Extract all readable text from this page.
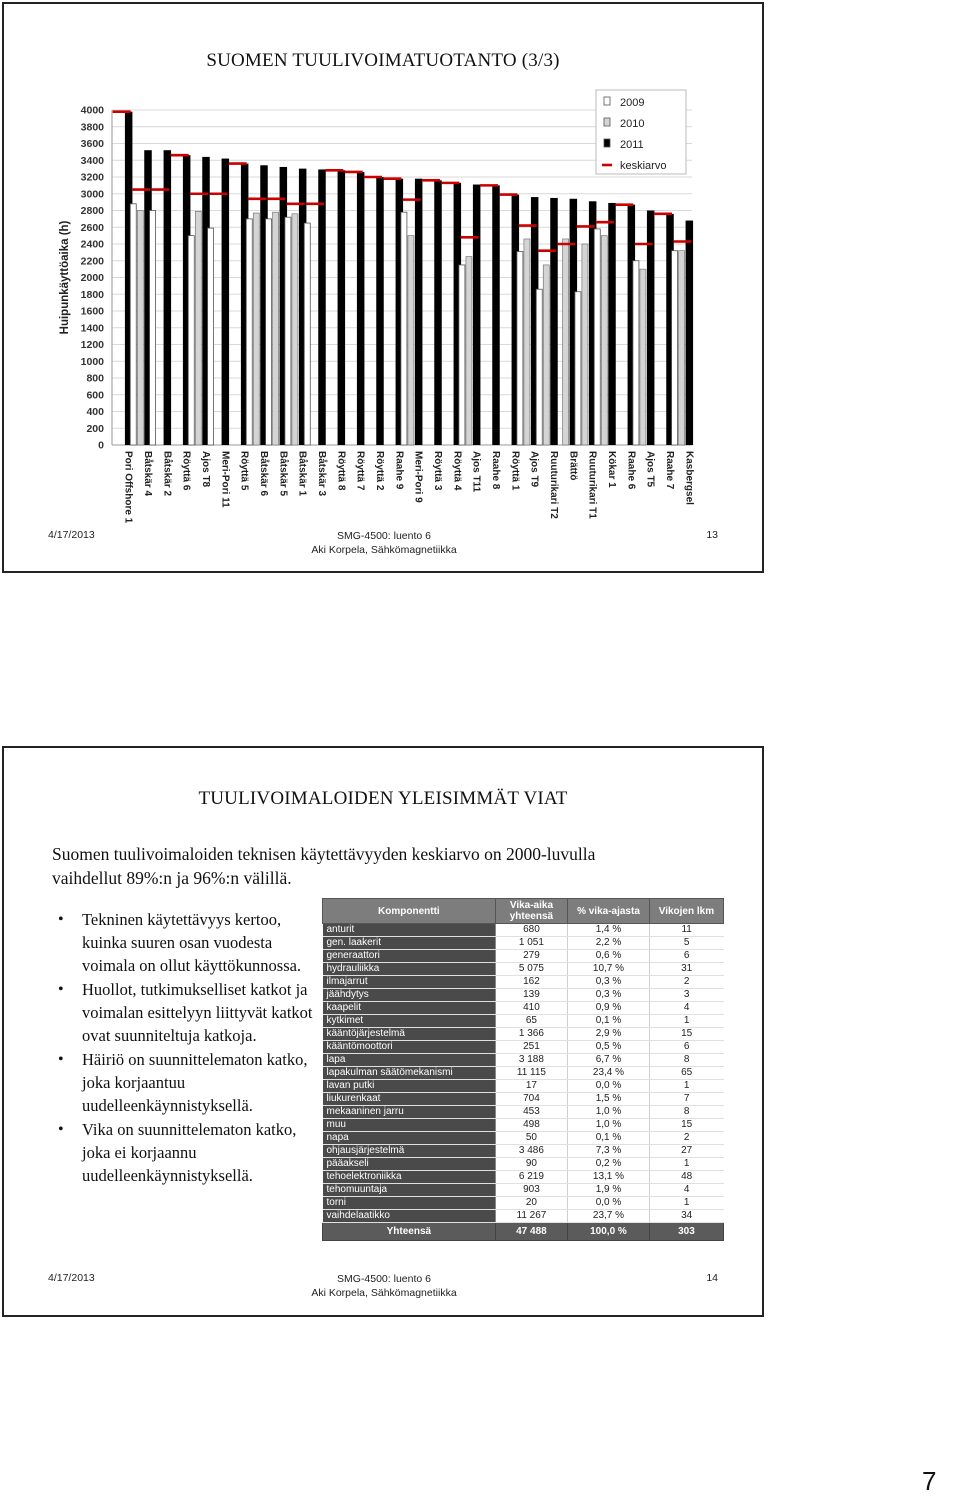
SUOMEN TUULIVOIMATUOTANTO (3/3)
0
200
400
600
800
1000
1200
1400
1600
1800
2000
2200
2400
2600
2800
3000
3200
3400
3600
3800
4000
Huipunkäyttöaika (h)
Pori Offshore 1 Båtskär 4 Båtskär 2 Röyttä 6 Ajos T8 Meri-Pori 11 Röyttä 5 Båtskär 6 Båtskär 5 Båtskär 1 Båtskär 3 Röyttä 8 Röyttä 7 Röyttä 2 Raahe 9 Meri-Pori 9 Röyttä 3 Röyttä 4 Ajos T11 Raahe 8 Röyttä 1 Ajos T9 Ruuturikari T2 Brättö Ruuturikari T1 Kökar 1 Raahe 6 Ajos T5 Raahe 7 Kasbergsel
2009
2010
2011
keskiarvo
4/17/2013	SMG-4500: luento 6
Aki Korpela, Sähkömagnetiikka
13
TUULIVOIMALOIDEN YLEISIMMÄT VIAT
Suomen tuulivoimaloiden teknisen käytettävyyden keskiarvo on 2000-luvulla
vaihdellut 89%:n ja 96%:n välillä.
• Tekninen käytettävyys kertoo, kuinka suuren osan vuodesta voimala on ollut käyttökunnossa.
• Huollot, tutkimukselliset katkot ja voimalan esittelyyn liittyvät katkot ovat suunniteltuja katkoja.
• Häiriö on suunnittelematon katko, joka korjaantuu uudelleenkäynnistyksellä.
• Vika on suunnittelematon katko, joka ei korjaannu uudelleenkäynnistyksellä.
Komponentti	Vika-aika yhteensä	% vika-ajasta	Vikojen lkm
anturit	680	1,4 %	11
gen. laakerit	1 051	2,2 %	5
generaattori	279	0,6 %	6
hydrauliikka	5 075	10,7 %	31
ilmajarrut	162	0,3 %	2
jäähdytys	139	0,3 %	3
kaapelit	410	0,9 %	4
kytkimet	65	0,1 %	1
kääntöjärjestelmä	1 366	2,9 %	15
kääntömoottori	251	0,5 %	6
lapa	3 188	6,7 %	8
lapakulman säätömekanismi	11 115	23,4 %	65
lavan putki	17	0,0 %	1
liukurenkaat	704	1,5 %	7
mekaaninen jarru	453	1,0 %	8
muu	498	1,0 %	15
napa	50	0,1 %	2
ohjausjärjestelmä	3 486	7,3 %	27
pääakseli	90	0,2 %	1
tehoelektroniikka	6 219	13,1 %	48
tehomuuntaja	903	1,9 %	4
torni	20	0,0 %	1
vaihdelaatikko	11 267	23,7 %	34
Yhteensä	47 488	100,0 %	303
4/17/2013	SMG-4500: luento 6
Aki Korpela, Sähkömagnetiikka
14
7
